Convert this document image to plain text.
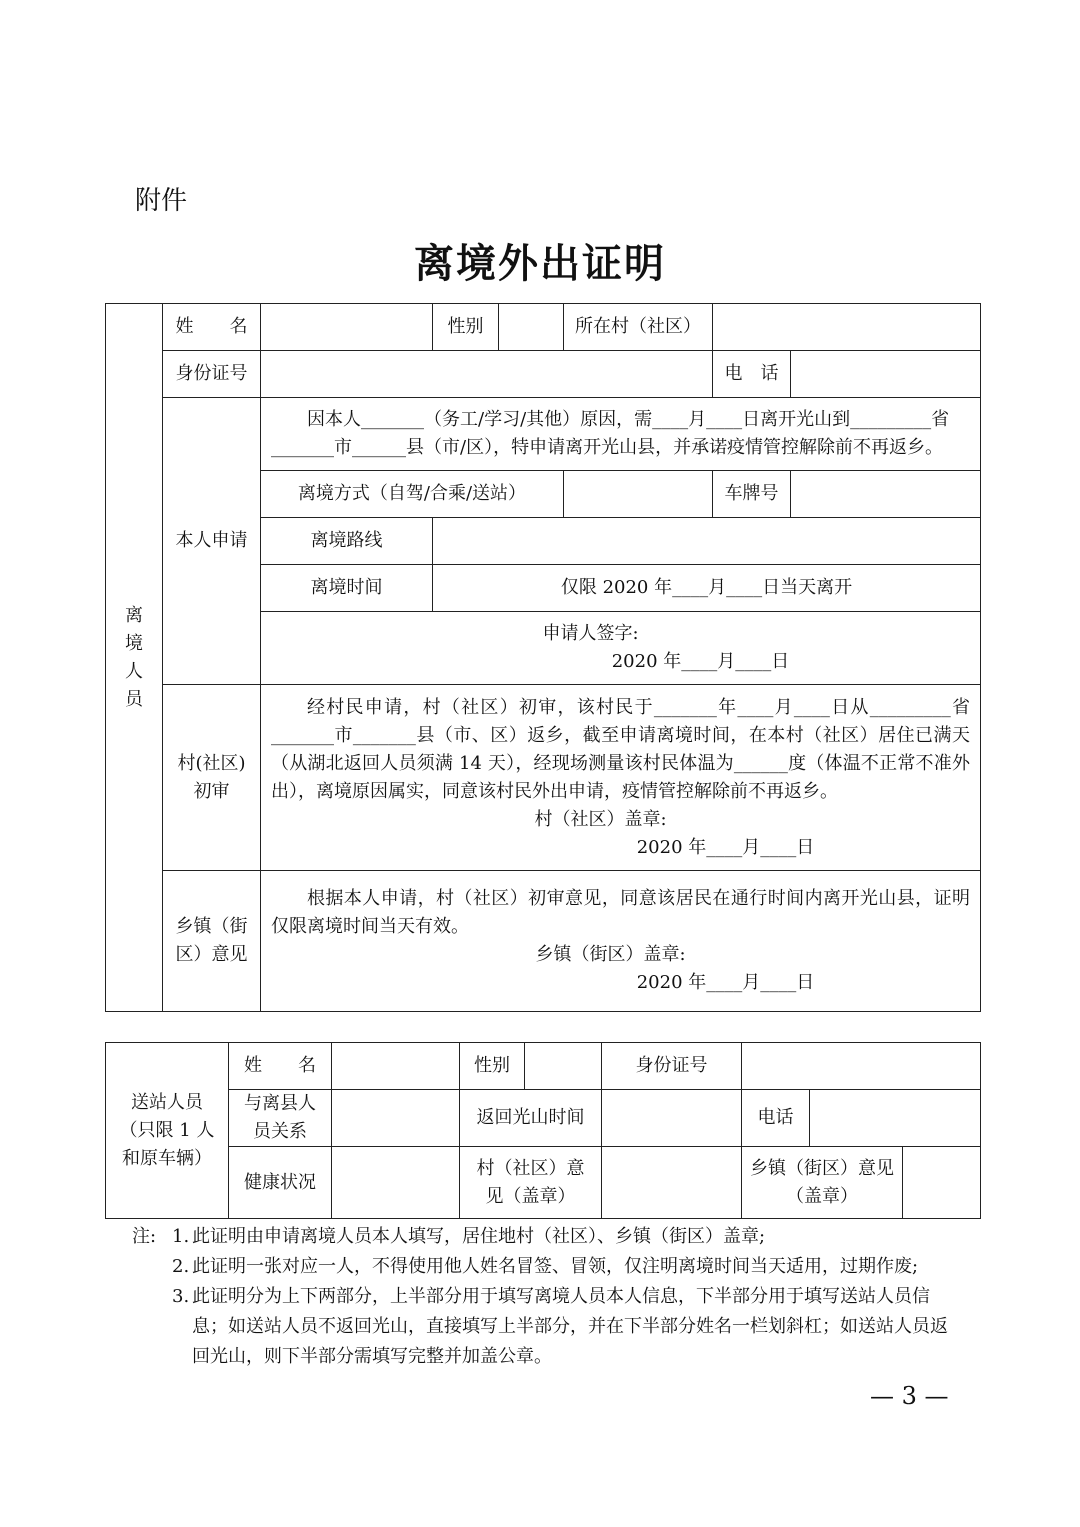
附件
离境外出证明
离境人员	姓　　名		性别		所在村（社区）		
	身份证号					电　话	
	本人申请	因本人_______（务工/学习/其他）原因，需____月____日离开光山到_________省
_______市______县（市/区），特申请离开光山县，并承诺疫情管控解除前不再返乡。					

		离境方式（自驾/合乘/送站）				车牌号	
		离境路线					
		离境时间	仅限 2020 年____月____日当天离开				

		申请人签字:
2020 年____月____日					

	村(社区)初审	经村民申请，村（社区）初审，该村民于_______年____月____日从_________省_______市_______县（市、区）返乡，截至申请离境时间，在本村（社区）居住已满天（从湖北返回人员须满 14 天），经现场测量该村民体温为______度（体温不正常不准外出），离境原因属实，同意该村民外出申请，疫情管控解除前不再返乡。
村（社区）盖章:
2020 年____月____日					

	乡镇（街区）意见	根据本人申请，村（社区）初审意见，同意该居民在通行时间内离开光山县，证明仅限离境时间当天有效。
乡镇（街区）盖章:
2020 年____月____日					
送站人员（只限 1 人和原车辆）	姓　　名		性别		身份证号			
	与离县人员关系		返回光山时间			电话		
	健康状况		村（社区）意见（盖章）			乡镇（街区）意见（盖章）		
注: 1. 此证明由申请离境人员本人填写，居住地村（社区）、乡镇（街区）盖章;
2. 此证明一张对应一人，不得使用他人姓名冒签、冒领，仅注明离境时间当天适用，过期作废;
3. 此证明分为上下两部分，上半部分用于填写离境人员本人信息，下半部分用于填写送站人员信息；如送站人员不返回光山，直接填写上半部分，并在下半部分姓名一栏划斜杠；如送站人员返回光山，则下半部分需填写完整并加盖公章。
— 3 —
